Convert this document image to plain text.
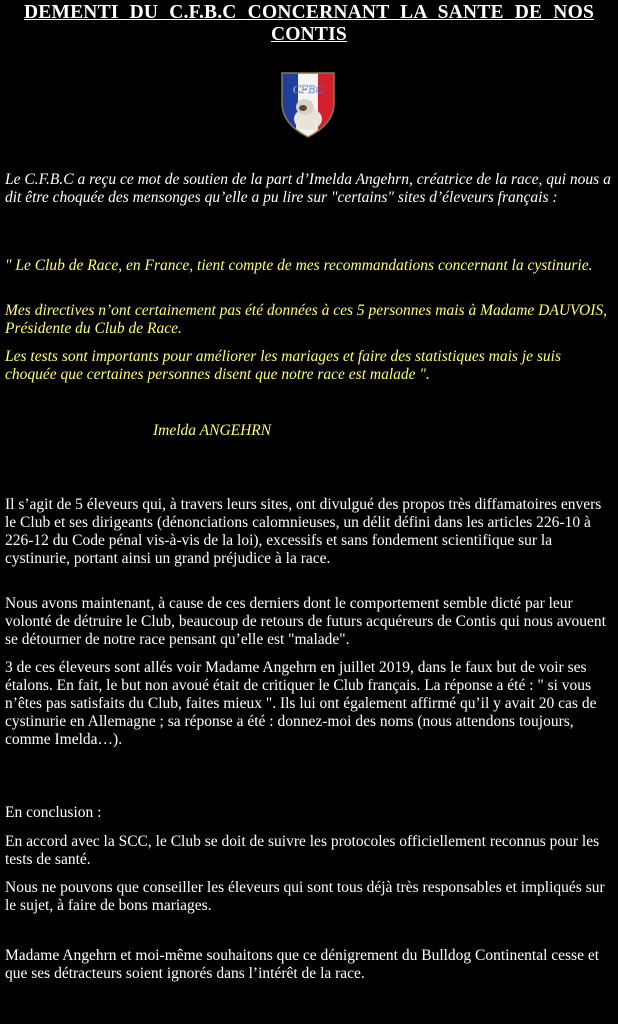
DEMENTI DU C.F.B.C CONCERNANT LA SANTE DE NOS
CONTIS
CFBC

Le C.F.B.C a reçu ce mot de soutien de la part d’Imelda Angehrn, créatrice de la race, qui nous a dit être choquée des mensonges qu’elle a pu lire sur "certains" sites d’éleveurs français :

" Le Club de Race, en France, tient compte de mes recommandations concernant la cystinurie.

Mes directives n’ont certainement pas été données à ces 5 personnes mais à Madame DAUVOIS, Présidente du Club de Race.

Les tests sont importants pour améliorer les mariages et faire des statistiques mais je suis choquée que certaines personnes disent que notre race est malade ".

Imelda ANGEHRN

Il s’agit de 5 éleveurs qui, à travers leurs sites, ont divulgué des propos très diffamatoires envers le Club et ses dirigeants (dénonciations calomnieuses, un délit défini dans les articles 226-10 à 226-12 du Code pénal vis-à-vis de la loi), excessifs et sans fondement scientifique sur la cystinurie, portant ainsi un grand préjudice à la race.

Nous avons maintenant, à cause de ces derniers dont le comportement semble dicté par leur volonté de détruire le Club, beaucoup de retours de futurs acquéreurs de Contis qui nous avouent se détourner de notre race pensant qu’elle est "malade".

3 de ces éleveurs sont allés voir Madame Angehrn en juillet 2019, dans le faux but de voir ses étalons. En fait, le but non avoué était de critiquer le Club français. La réponse a été : " si vous n’êtes pas satisfaits du Club, faites mieux ". Ils lui ont également affirmé qu’il y avait 20 cas de cystinurie en Allemagne ; sa réponse a été : donnez-moi des noms (nous attendons toujours, comme Imelda…).

En conclusion :

En accord avec la SCC, le Club se doit de suivre les protocoles officiellement reconnus pour les tests de santé.

Nous ne pouvons que conseiller les éleveurs qui sont tous déjà très responsables et impliqués sur le sujet, à faire de bons mariages.

Madame Angehrn et moi-même souhaitons que ce dénigrement du Bulldog Continental cesse et que ses détracteurs soient ignorés dans l’intérêt de la race.
